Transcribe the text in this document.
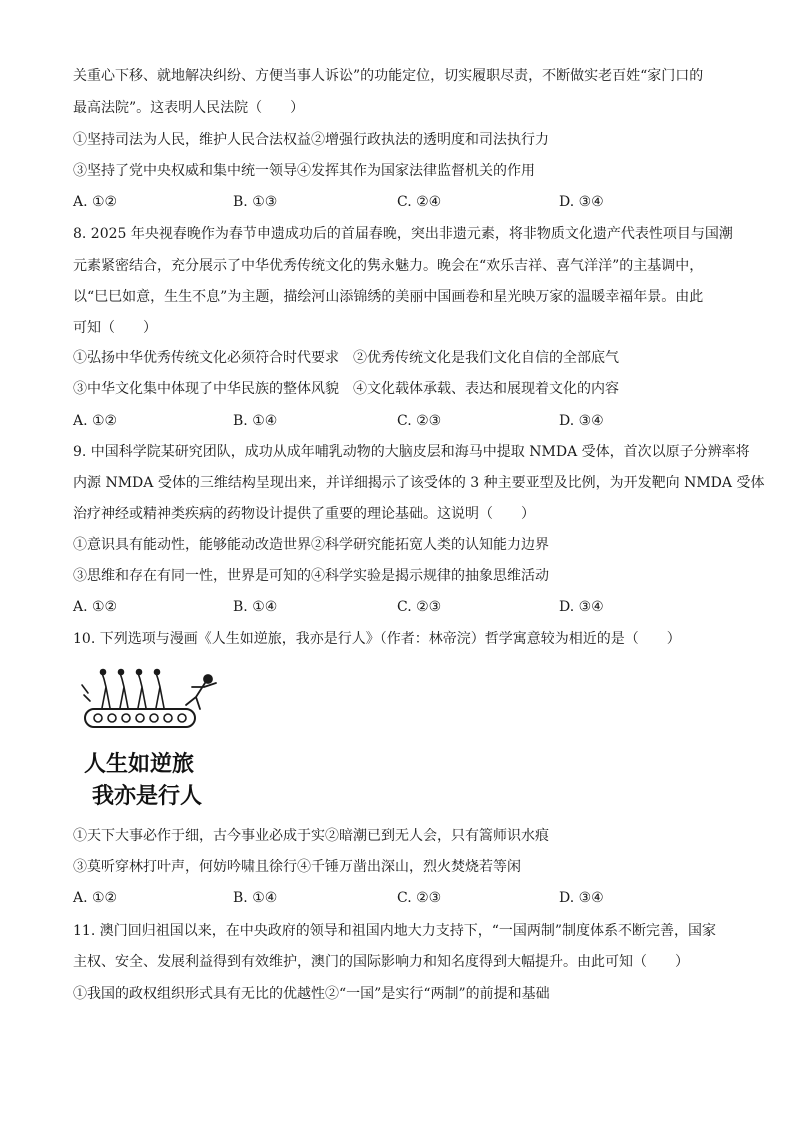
关重心下移、就地解决纠纷、方便当事人诉讼”的功能定位，切实履职尽责，不断做实老百姓“家门口的
最高法院”。这表明人民法院（　　）
①坚持司法为人民，维护人民合法权益②增强行政执法的透明度和司法执行力
③坚持了党中央权威和集中统一领导④发挥其作为国家法律监督机关的作用
A. ①②	B. ①③	C. ②④	D. ③④
8. 2025 年央视春晚作为春节申遗成功后的首届春晚，突出非遗元素，将非物质文化遗产代表性项目与国潮
元素紧密结合，充分展示了中华优秀传统文化的隽永魅力。晚会在“欢乐吉祥、喜气洋洋”的主基调中，
以“巳巳如意，生生不息”为主题，描绘河山添锦绣的美丽中国画卷和星光映万家的温暖幸福年景。由此
可知（　　）
①弘扬中华优秀传统文化必须符合时代要求　②优秀传统文化是我们文化自信的全部底气
③中华文化集中体现了中华民族的整体风貌　④文化载体承载、表达和展现着文化的内容
A. ①②	B. ①④	C. ②③	D. ③④
9. 中国科学院某研究团队，成功从成年哺乳动物的大脑皮层和海马中提取 NMDA 受体，首次以原子分辨率将
内源 NMDA 受体的三维结构呈现出来，并详细揭示了该受体的 3 种主要亚型及比例，为开发靶向 NMDA 受体
治疗神经或精神类疾病的药物设计提供了重要的理论基础。这说明（　　）
①意识具有能动性，能够能动改造世界②科学研究能拓宽人类的认知能力边界
③思维和存在有同一性，世界是可知的④科学实验是揭示规律的抽象思维活动
A. ①②	B. ①④	C. ②③	D. ③④
10. 下列选项与漫画《人生如逆旅，我亦是行人》（作者：林帝浣）哲学寓意较为相近的是（　　）
人生如逆旅
我亦是行人
①天下大事必作于细，古今事业必成于实②暗潮已到无人会，只有篙师识水痕
③莫听穿林打叶声，何妨吟啸且徐行④千锤万凿出深山，烈火焚烧若等闲
A. ①②	B. ①④	C. ②③	D. ③④
11. 澳门回归祖国以来，在中央政府的领导和祖国内地大力支持下，“一国两制”制度体系不断完善，国家
主权、安全、发展利益得到有效维护，澳门的国际影响力和知名度得到大幅提升。由此可知（　　）
①我国的政权组织形式具有无比的优越性②“一国”是实行“两制”的前提和基础
